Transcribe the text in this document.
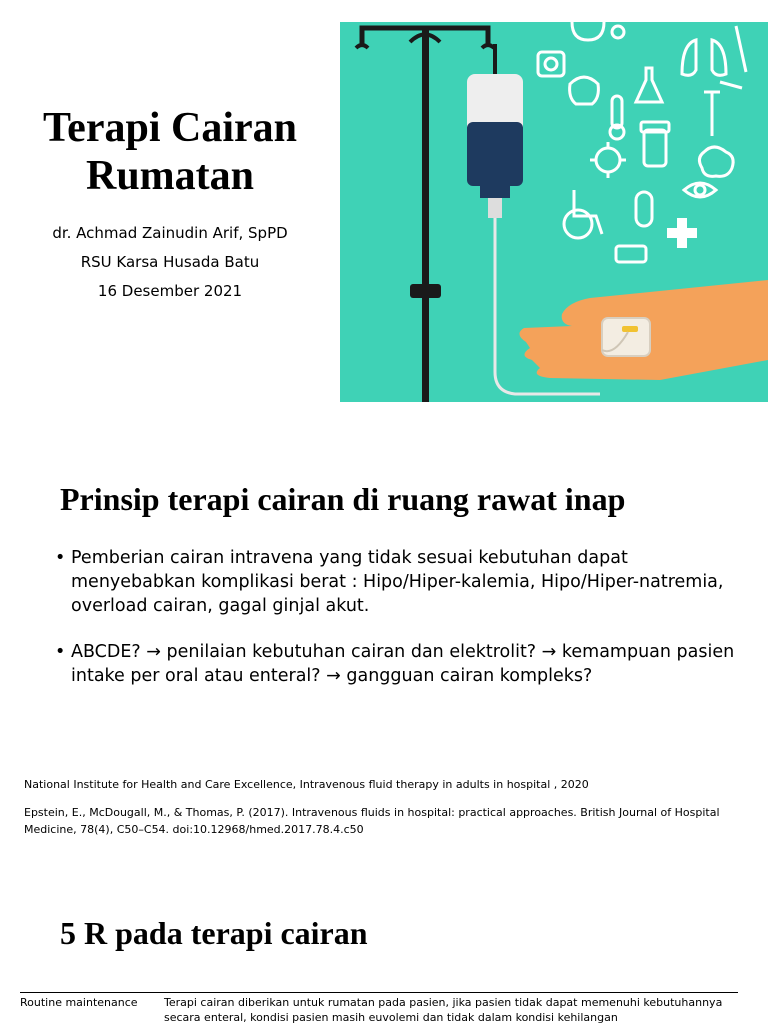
Terapi Cairan
Rumatan
dr. Achmad Zainudin Arif, SpPD
RSU Karsa Husada Batu
16 Desember 2021
Prinsip terapi cairan di ruang rawat inap
• Pemberian cairan intravena yang tidak sesuai kebutuhan dapat menyebabkan komplikasi berat : Hipo/Hiper-kalemia, Hipo/Hiper-natremia, overload cairan, gagal ginjal akut.
• ABCDE? → penilaian kebutuhan cairan dan elektrolit? → kemampuan pasien intake per oral atau enteral? → gangguan cairan kompleks?

National Institute for Health and Care Excellence, Intravenous fluid therapy in adults in hospital , 2020

Epstein, E., McDougall, M., & Thomas, P. (2017). Intravenous fluids in hospital: practical approaches. British Journal of Hospital Medicine, 78(4), C50–C54. doi:10.12968/hmed.2017.78.4.c50

5 R pada terapi cairan
Routine maintenance	Terapi cairan diberikan untuk rumatan pada pasien, jika pasien tidak dapat memenuhi kebutuhannya secara enteral, kondisi pasien masih euvolemi dan tidak dalam kondisi kehilangan
